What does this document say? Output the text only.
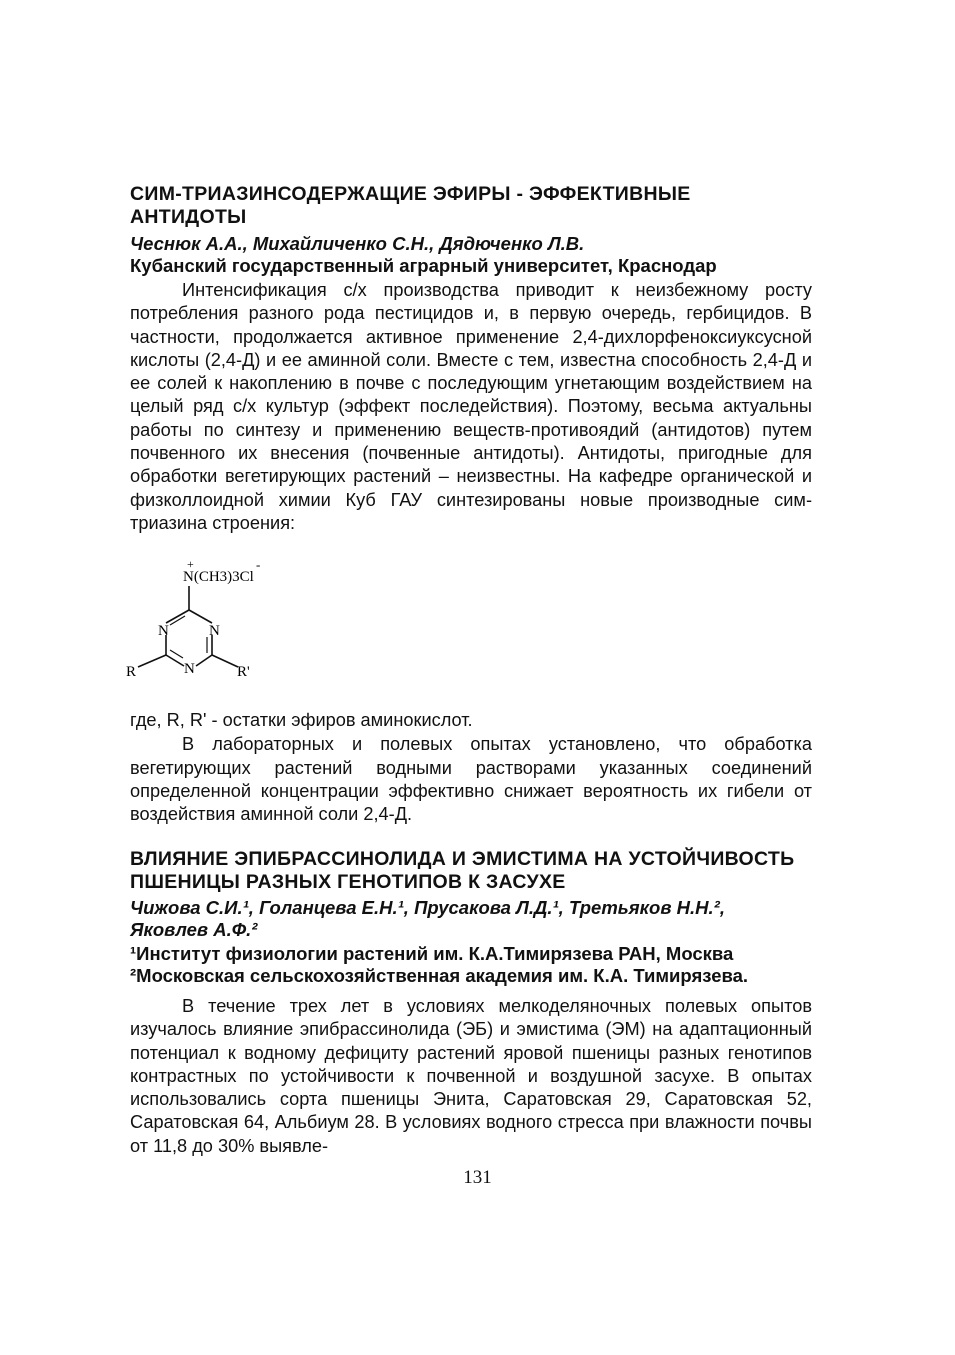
СИМ-ТРИАЗИНСОДЕРЖАЩИЕ ЭФИРЫ - ЭФФЕКТИВНЫЕ АНТИДОТЫ

Чеснюк А.А., Михайличенко С.Н., Дядюченко Л.В.

Кубанский государственный аграрный университет, Краснодар

Интенсификация с/х производства приводит к неизбежному росту потребления разного рода пестицидов и, в первую очередь, гербицидов. В частности, продолжается активное применение 2,4-дихлорфеноксиуксусной кислоты (2,4-Д) и ее аминной соли. Вместе с тем, известна способность 2,4-Д и ее солей к накоплению в почве с последующим угнетающим воздействием на целый ряд с/х культур (эффект последействия). Поэтому, весьма актуальны работы по синтезу и применению веществ-противоядий (антидотов) путем почвенного их внесения (почвенные антидоты). Антидоты, пригодные для обработки вегетирующих растений – неизвестны. На кафедре органической и физколлоидной химии Куб ГАУ синтезированы новые производные сим-триазина строения:

+	-
N(CH3)3Cl
N	N
N
R	R'

где, R, R' - остатки эфиров аминокислот.

В лабораторных и полевых опытах установлено, что обработка вегетирующих растений водными растворами указанных соединений определенной концентрации эффективно снижает вероятность их гибели от воздействия аминной соли 2,4-Д.

ВЛИЯНИЕ ЭПИБРАССИНОЛИДА И ЭМИСТИМА НА УСТОЙЧИВОСТЬ ПШЕНИЦЫ РАЗНЫХ ГЕНОТИПОВ К ЗАСУХЕ

Чижова С.И.¹, Голанцева Е.Н.¹, Прусакова Л.Д.¹, Третьяков Н.Н.²,

Яковлев А.Ф.²

¹Институт физиологии растений им. К.А.Тимирязева РАН, Москва

²Московская сельскохозяйственная академия им. К.А. Тимирязева.

В течение трех лет в условиях мелкоделяночных полевых опытов изучалось влияние эпибрассинолида (ЭБ) и эмистима (ЭМ) на адаптационный потенциал к водному дефициту растений яровой пшеницы разных генотипов контрастных по устойчивости к почвенной и воздушной засухе. В опытах использовались сорта пшеницы Энита, Саратовская 29, Саратовская 52, Саратовская 64, Альбиум 28. В условиях водного стресса при влажности почвы от 11,8 до 30% выявле-

131
